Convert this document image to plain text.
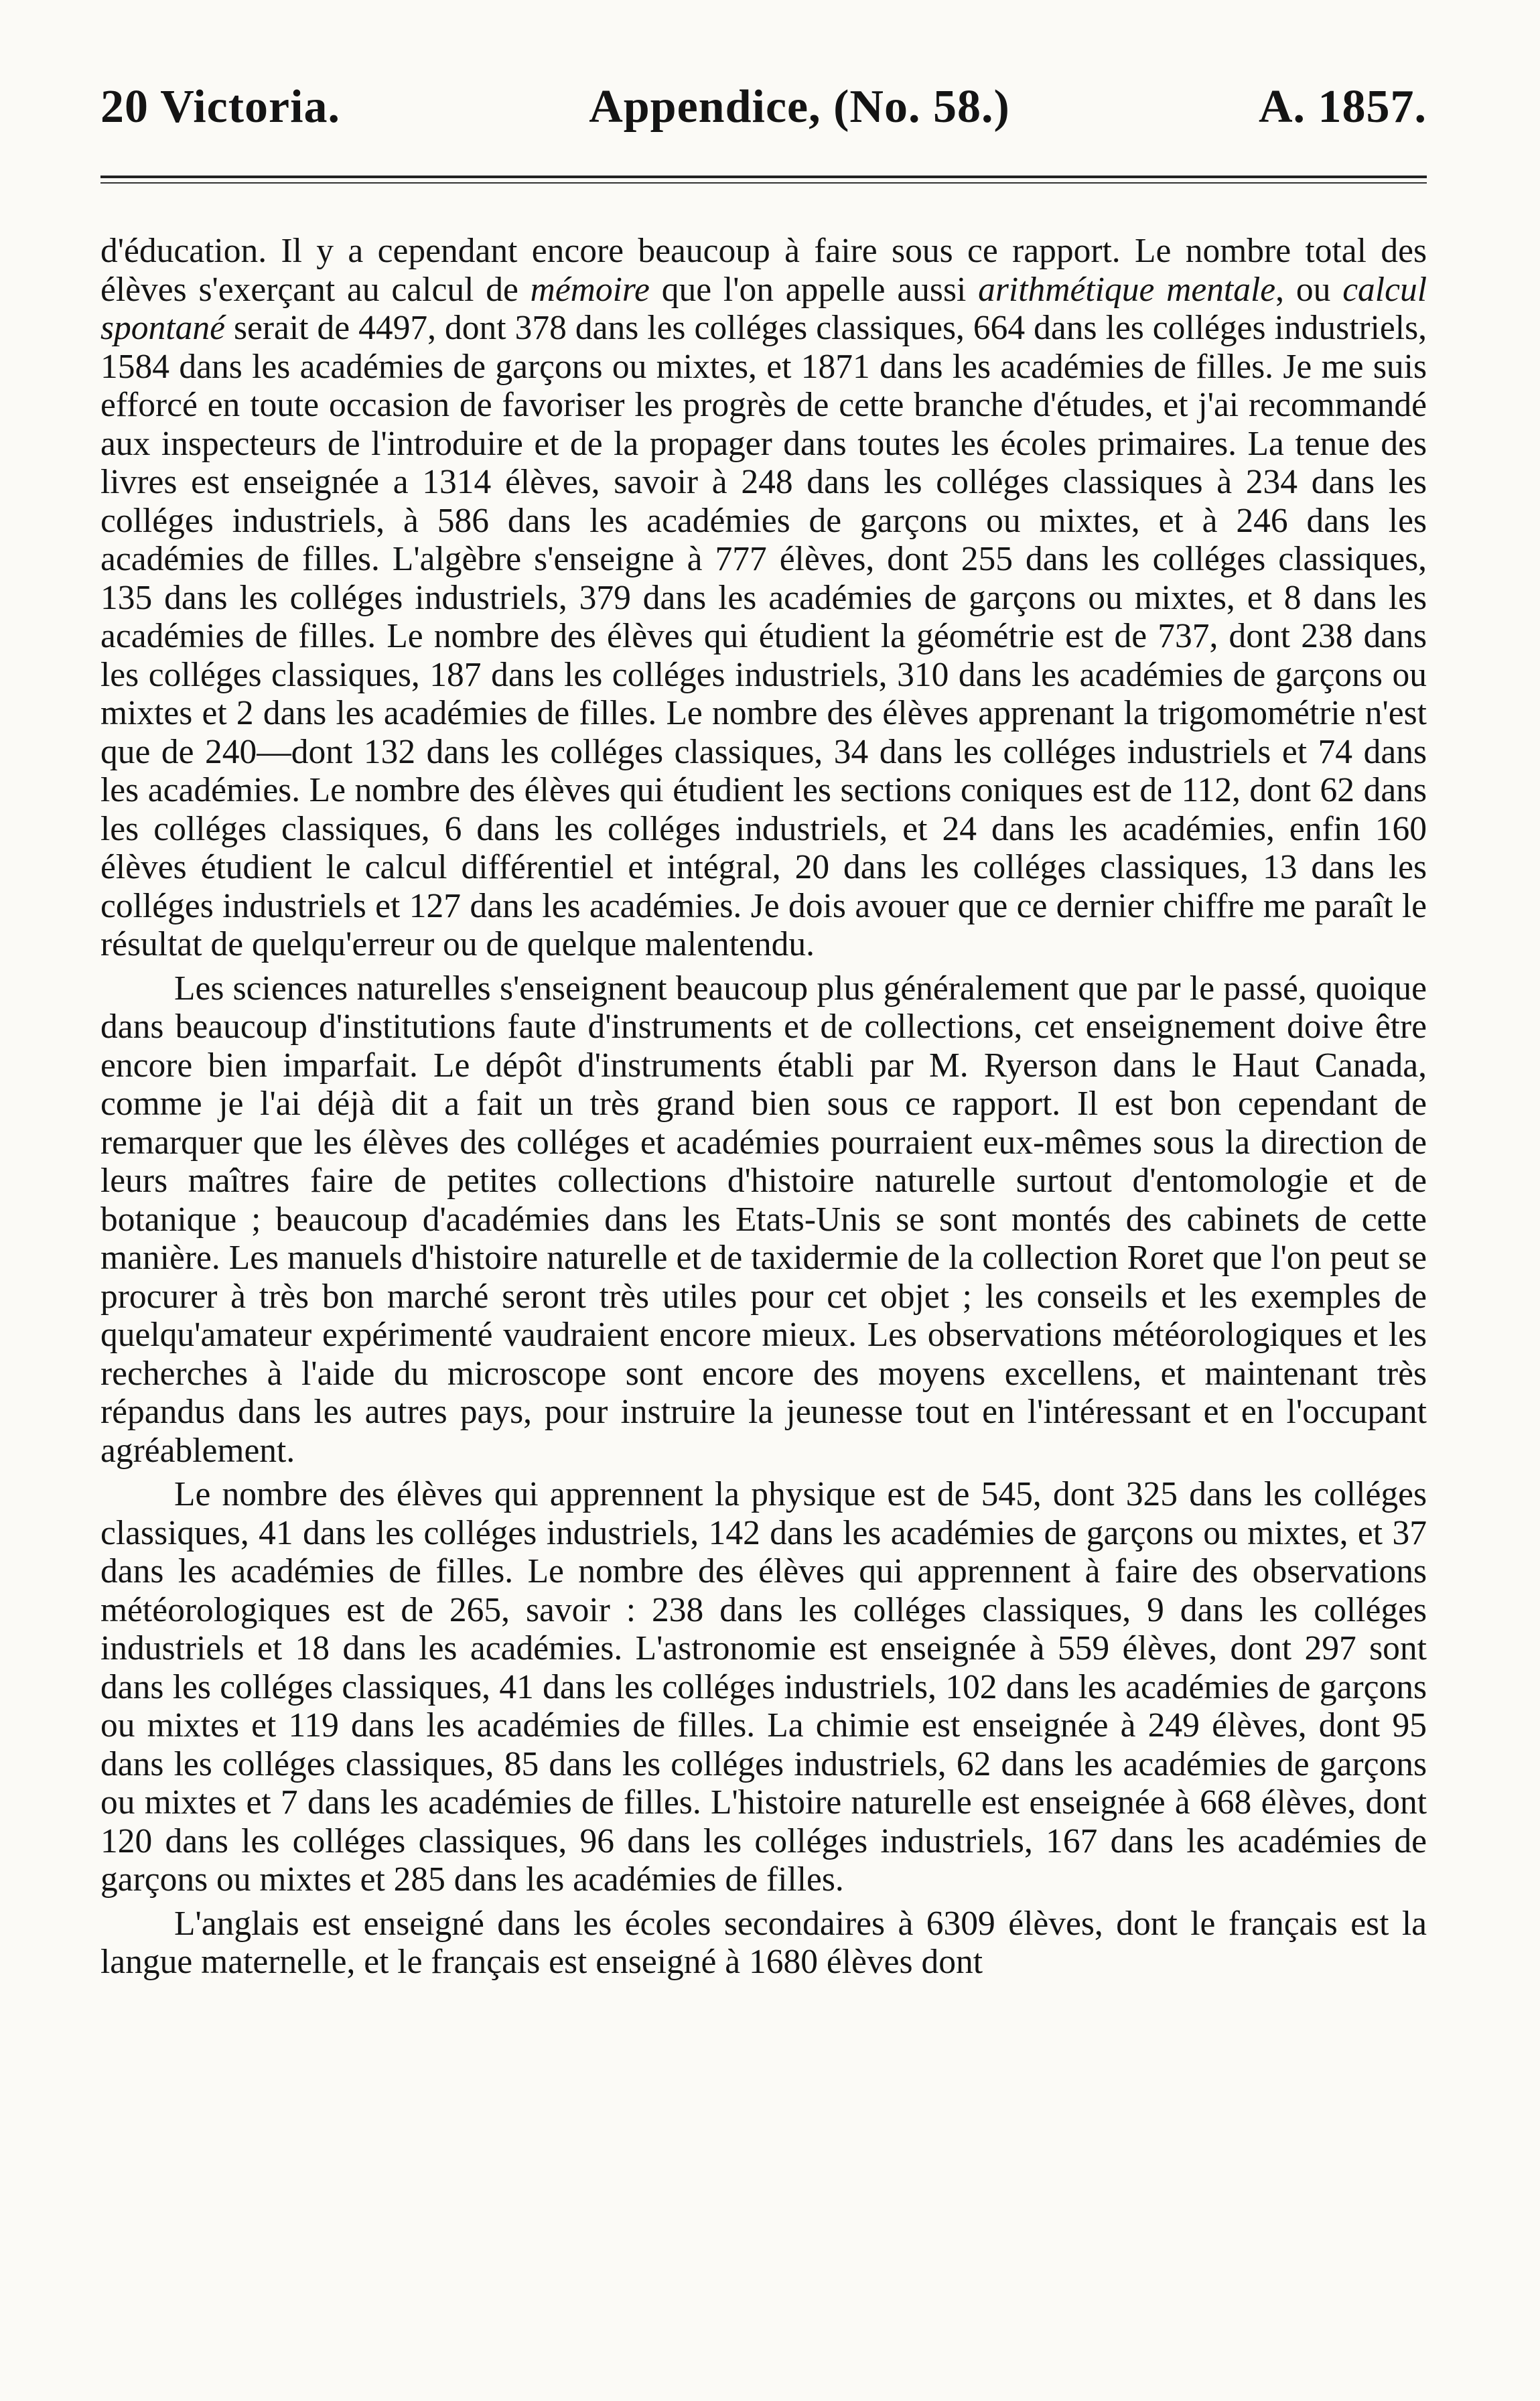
20 Victoria.	Appendice, (No. 58.)	A. 1857.

d'éducation. Il y a cependant encore beaucoup à faire sous ce rapport. Le nombre total des élèves s'exerçant au calcul de mémoire que l'on appelle aussi arithmétique mentale, ou calcul spontané serait de 4497, dont 378 dans les colléges classiques, 664 dans les colléges industriels, 1584 dans les académies de garçons ou mixtes, et 1871 dans les académies de filles. Je me suis efforcé en toute occasion de favoriser les progrès de cette branche d'études, et j'ai recommandé aux inspecteurs de l'introduire et de la propager dans toutes les écoles primaires. La tenue des livres est enseignée a 1314 élèves, savoir à 248 dans les colléges classiques à 234 dans les colléges industriels, à 586 dans les académies de garçons ou mixtes, et à 246 dans les académies de filles. L'algèbre s'enseigne à 777 élèves, dont 255 dans les colléges classiques, 135 dans les colléges industriels, 379 dans les académies de garçons ou mixtes, et 8 dans les académies de filles. Le nombre des élèves qui étudient la géométrie est de 737, dont 238 dans les colléges classiques, 187 dans les colléges industriels, 310 dans les académies de garçons ou mixtes et 2 dans les académies de filles. Le nombre des élèves apprenant la trigomométrie n'est que de 240—dont 132 dans les colléges classiques, 34 dans les colléges industriels et 74 dans les académies. Le nombre des élèves qui étudient les sections coniques est de 112, dont 62 dans les colléges classiques, 6 dans les colléges industriels, et 24 dans les académies, enfin 160 élèves étudient le calcul différentiel et intégral, 20 dans les colléges classiques, 13 dans les colléges industriels et 127 dans les académies. Je dois avouer que ce dernier chiffre me paraît le résultat de quelqu'erreur ou de quelque malentendu.

Les sciences naturelles s'enseignent beaucoup plus généralement que par le passé, quoique dans beaucoup d'institutions faute d'instruments et de collections, cet enseignement doive être encore bien imparfait. Le dépôt d'instruments établi par M. Ryerson dans le Haut Canada, comme je l'ai déjà dit a fait un très grand bien sous ce rapport. Il est bon cependant de remarquer que les élèves des colléges et académies pourraient eux-mêmes sous la direction de leurs maîtres faire de petites collections d'histoire naturelle surtout d'entomologie et de botanique ; beaucoup d'académies dans les Etats-Unis se sont montés des cabinets de cette manière. Les manuels d'histoire naturelle et de taxidermie de la collection Roret que l'on peut se procurer à très bon marché seront très utiles pour cet objet ; les conseils et les exemples de quelqu'amateur expérimenté vaudraient encore mieux. Les observations météorologiques et les recherches à l'aide du microscope sont encore des moyens excellens, et maintenant très répandus dans les autres pays, pour instruire la jeunesse tout en l'intéressant et en l'occupant agréablement.

Le nombre des élèves qui apprennent la physique est de 545, dont 325 dans les colléges classiques, 41 dans les colléges industriels, 142 dans les académies de garçons ou mixtes, et 37 dans les académies de filles. Le nombre des élèves qui apprennent à faire des observations météorologiques est de 265, savoir : 238 dans les colléges classiques, 9 dans les colléges industriels et 18 dans les académies. L'astronomie est enseignée à 559 élèves, dont 297 sont dans les colléges classiques, 41 dans les colléges industriels, 102 dans les académies de garçons ou mixtes et 119 dans les académies de filles. La chimie est enseignée à 249 élèves, dont 95 dans les colléges classiques, 85 dans les colléges industriels, 62 dans les académies de garçons ou mixtes et 7 dans les académies de filles. L'histoire naturelle est enseignée à 668 élèves, dont 120 dans les colléges classiques, 96 dans les colléges industriels, 167 dans les académies de garçons ou mixtes et 285 dans les académies de filles.

L'anglais est enseigné dans les écoles secondaires à 6309 élèves, dont le français est la langue maternelle, et le français est enseigné à 1680 élèves dont
